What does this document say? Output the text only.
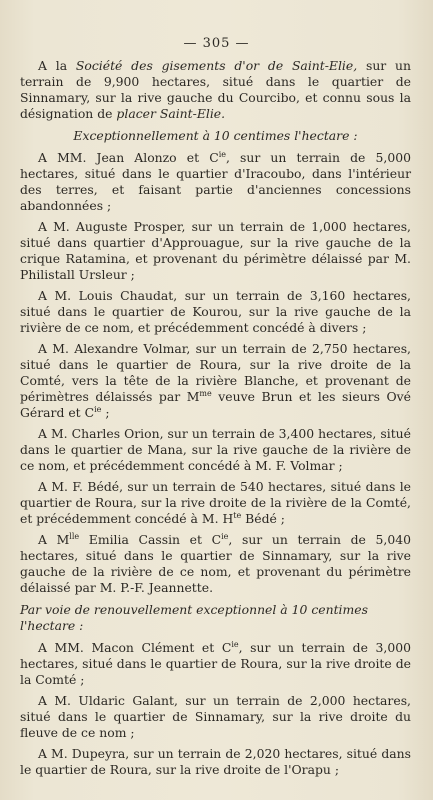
— 305 —

A la Société des gisements d'or de Saint-Elie, sur un terrain de 9,900 hectares, situé dans le quartier de Sinnamary, sur la rive gauche du Courcibo, et connu sous la désignation de placer Saint-Elie.

Exceptionnellement à 10 centimes l'hectare :

A MM. Jean Alonzo et $C^{ie}$, sur un terrain de 5,000 hectares, situé dans le quartier d'Iracoubo, dans l'intérieur des terres, et faisant partie d'anciennes concessions abandonnées ;

A M. Auguste Prosper, sur un terrain de 1,000 hectares, situé dans quartier d'Approuague, sur la rive gauche de la crique Ratamina, et provenant du périmètre délaissé par M. Philistall Ursleur ;

A M. Louis Chaudat, sur un terrain de 3,160 hectares, situé dans le quartier de Kourou, sur la rive gauche de la rivière de ce nom, et précédemment concédé à divers ;

A M. Alexandre Volmar, sur un terrain de 2,750 hectares, situé dans le quartier de Roura, sur la rive droite de la Comté, vers la tête de la rivière Blanche, et provenant de périmètres délaissés par $M^{me}$ veuve Brun et les sieurs Ové Gérard et $C^{ie}$ ;

A M. Charles Orion, sur un terrain de 3,400 hectares, situé dans le quartier de Mana, sur la rive gauche de la rivière de ce nom, et précédemment concédé à M. F. Volmar ;

A M. F. Bédé, sur un terrain de 540 hectares, situé dans le quartier de Roura, sur la rive droite de la rivière de la Comté, et précédemment concédé à M. $H^{te}$ Bédé ;

A $M^{lle}$ Emilia Cassin et $C^{ie}$, sur un terrain de 5,040 hectares, situé dans le quartier de Sinnamary, sur la rive gauche de la rivière de ce nom, et provenant du périmètre délaissé par M. P.-F. Jeannette.

Par voie de renouvellement exceptionnel à 10 centimes l'hectare :

A MM. Macon Clément et $C^{ie}$, sur un terrain de 3,000 hectares, situé dans le quartier de Roura, sur la rive droite de la Comté ;

A M. Uldaric Galant, sur un terrain de 2,000 hectares, situé dans le quartier de Sinnamary, sur la rive droite du fleuve de ce nom ;

A M. Dupeyra, sur un terrain de 2,020 hectares, situé dans le quartier de Roura, sur la rive droite de l'Orapu ;
